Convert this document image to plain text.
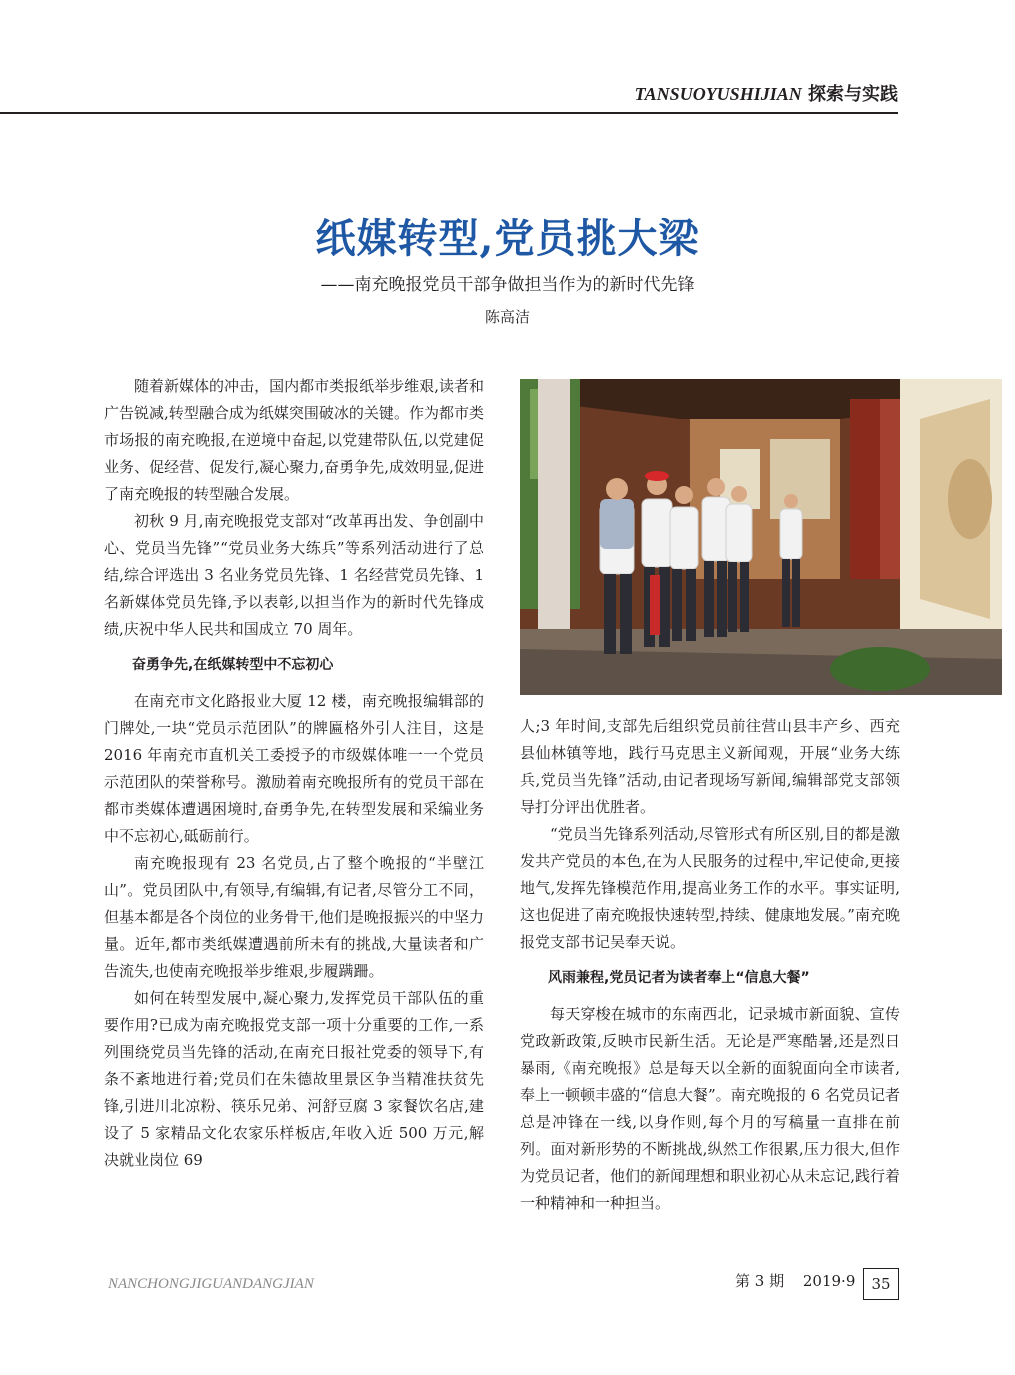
TANSUOYUSHIJIAN 探索与实践
纸媒转型,党员挑大梁
——南充晚报党员干部争做担当作为的新时代先锋
陈高洁

随着新媒体的冲击，国内都市类报纸举步维艰,读者和广告锐减,转型融合成为纸媒突围破冰的关键。作为都市类市场报的南充晚报,在逆境中奋起,以党建带队伍,以党建促业务、促经营、促发行,凝心聚力,奋勇争先,成效明显,促进了南充晚报的转型融合发展。

初秋 9 月,南充晚报党支部对“改革再出发、争创副中心、党员当先锋”“党员业务大练兵”等系列活动进行了总结,综合评选出 3 名业务党员先锋、1 名经营党员先锋、1 名新媒体党员先锋,予以表彰,以担当作为的新时代先锋成绩,庆祝中华人民共和国成立 70 周年。

奋勇争先,在纸媒转型中不忘初心

在南充市文化路报业大厦 12 楼，南充晚报编辑部的门牌处,一块“党员示范团队”的牌匾格外引人注目，这是 2016 年南充市直机关工委授予的市级媒体唯一一个党员示范团队的荣誉称号。激励着南充晚报所有的党员干部在都市类媒体遭遇困境时,奋勇争先,在转型发展和采编业务中不忘初心,砥砺前行。

南充晚报现有 23 名党员,占了整个晚报的“半壁江山”。党员团队中,有领导,有编辑,有记者,尽管分工不同，但基本都是各个岗位的业务骨干,他们是晚报振兴的中坚力量。近年,都市类纸媒遭遇前所未有的挑战,大量读者和广告流失,也使南充晚报举步维艰,步履蹒跚。

如何在转型发展中,凝心聚力,发挥党员干部队伍的重要作用?已成为南充晚报党支部一项十分重要的工作,一系列围绕党员当先锋的活动,在南充日报社党委的领导下,有条不紊地进行着;党员们在朱德故里景区争当精准扶贫先锋,引进川北凉粉、筷乐兄弟、河舒豆腐 3 家餐饮名店,建设了 5 家精品文化农家乐样板店,年收入近 500 万元,解决就业岗位 69

人;3 年时间,支部先后组织党员前往营山县丰产乡、西充县仙林镇等地，践行马克思主义新闻观，开展“业务大练兵,党员当先锋”活动,由记者现场写新闻,编辑部党支部领导打分评出优胜者。

“党员当先锋系列活动,尽管形式有所区别,目的都是激发共产党员的本色,在为人民服务的过程中,牢记使命,更接地气,发挥先锋模范作用,提高业务工作的水平。事实证明,这也促进了南充晚报快速转型,持续、健康地发展。”南充晚报党支部书记吴奉天说。

风雨兼程,党员记者为读者奉上“信息大餐”

每天穿梭在城市的东南西北，记录城市新面貌、宣传党政新政策,反映市民新生活。无论是严寒酷暑,还是烈日暴雨,《南充晚报》总是每天以全新的面貌面向全市读者,奉上一顿顿丰盛的“信息大餐”。南充晚报的 6 名党员记者总是冲锋在一线,以身作则,每个月的写稿量一直排在前列。面对新形势的不断挑战,纵然工作很累,压力很大,但作为党员记者，他们的新闻理想和职业初心从未忘记,践行着一种精神和一种担当。

NANCHONGJIGUANDANGJIAN	第 3 期 2019·9	35
